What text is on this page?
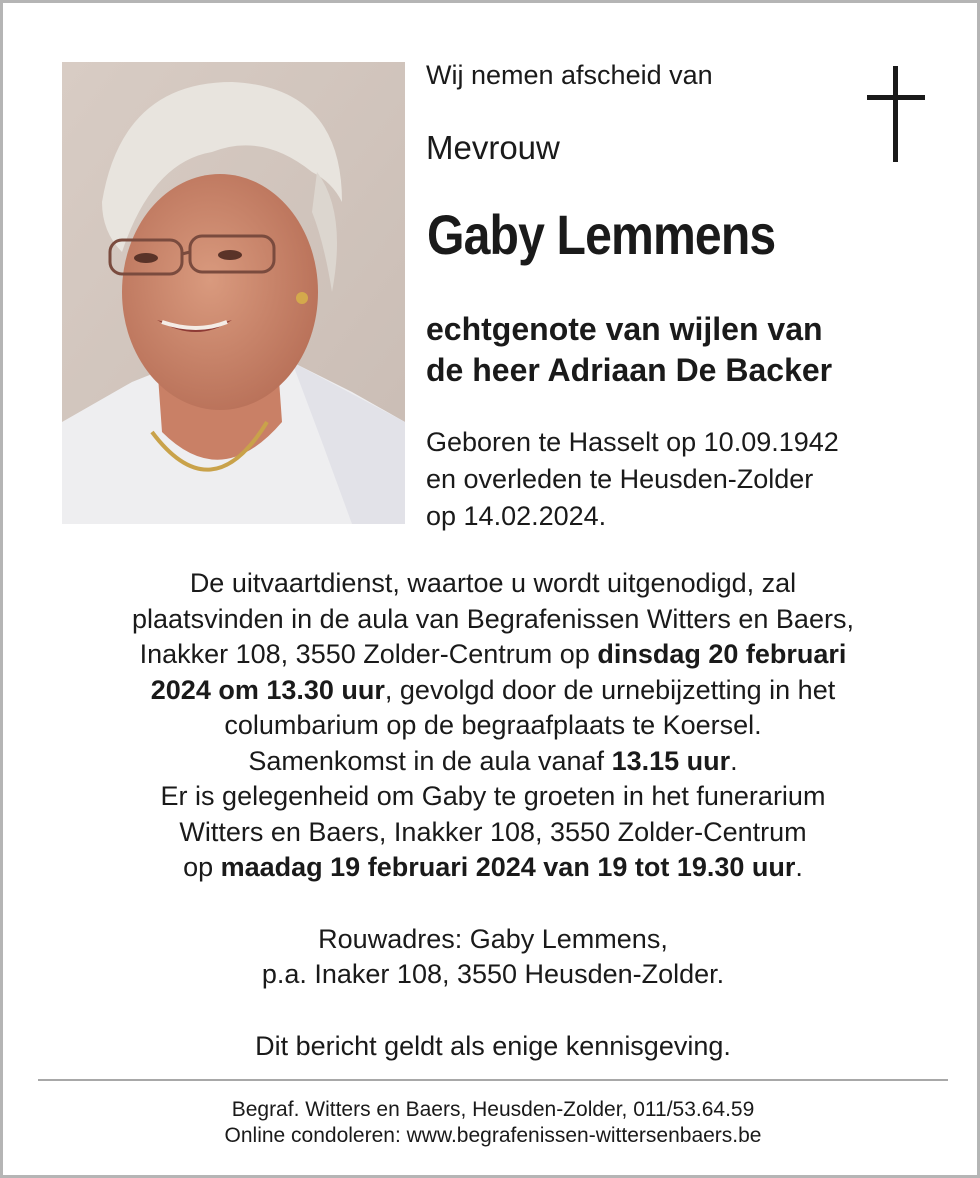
Wij nemen afscheid van
Mevrouw
Gaby Lemmens
echtgenote van wijlen van
de heer Adriaan De Backer
Geboren te Hasselt op 10.09.1942
en overleden te Heusden-Zolder
op 14.02.2024.

De uitvaartdienst, waartoe u wordt uitgenodigd, zal

plaatsvinden in de aula van Begrafenissen Witters en Baers,

Inakker 108, 3550 Zolder-Centrum op dinsdag 20 februari

2024 om 13.30 uur, gevolgd door de urnebijzetting in het

columbarium op de begraafplaats te Koersel.

Samenkomst in de aula vanaf 13.15 uur.

Er is gelegenheid om Gaby te groeten in het funerarium

Witters en Baers, Inakker 108, 3550 Zolder-Centrum

op maadag 19 februari 2024 van 19 tot 19.30 uur.

Rouwadres: Gaby Lemmens,

p.a. Inaker 108, 3550 Heusden-Zolder.

Dit bericht geldt als enige kennisgeving.

Begraf. Witters en Baers, Heusden-Zolder, 011/53.64.59

Online condoleren: www.begrafenissen-wittersenbaers.be
